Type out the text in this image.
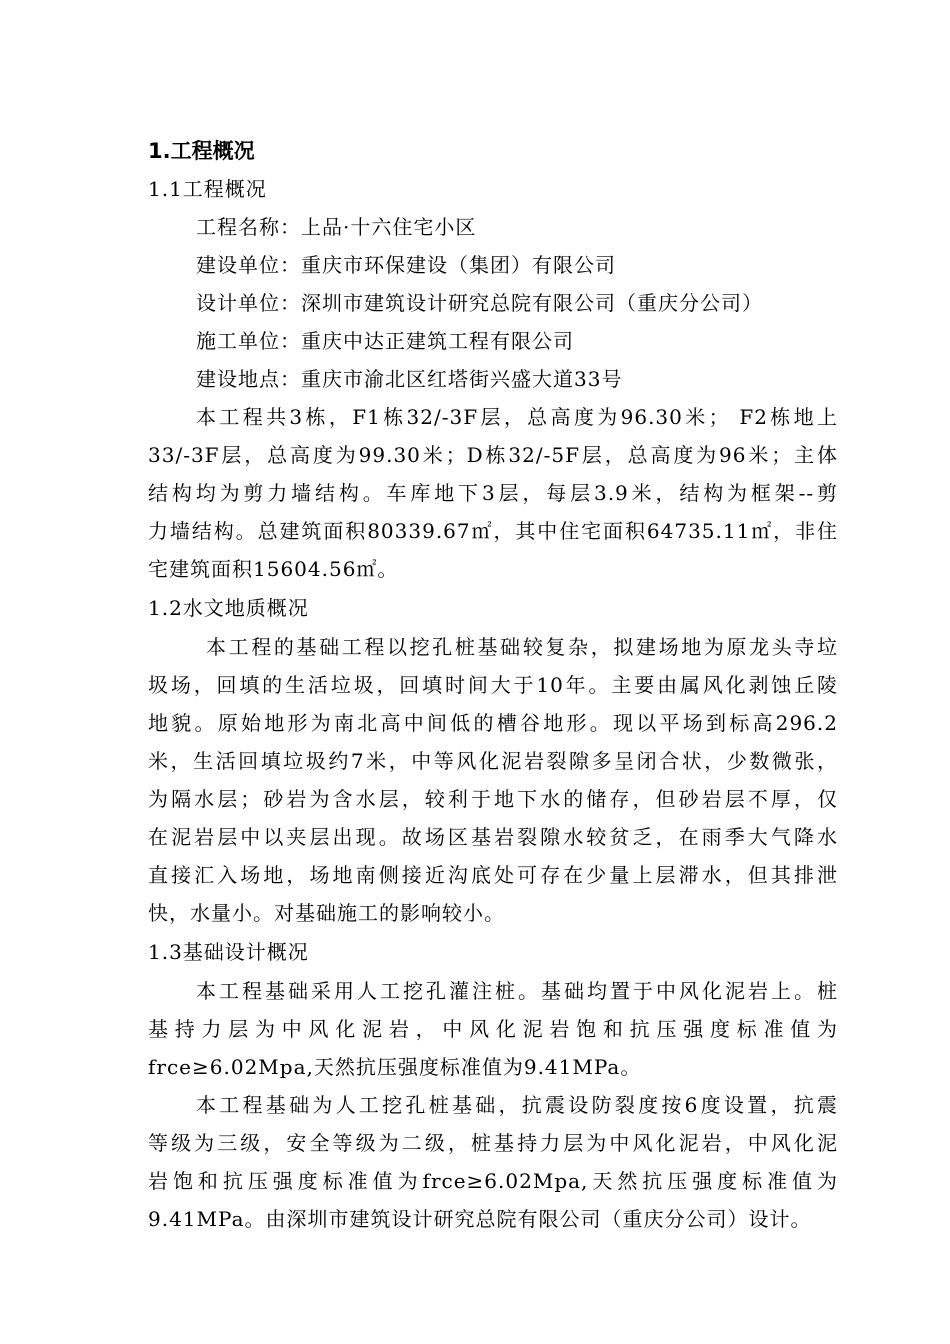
1.工程概况
1.1工程概况
工程名称：上品·十六住宅小区
建设单位：重庆市环保建设（集团）有限公司
设计单位：深圳市建筑设计研究总院有限公司（重庆分公司）
施工单位：重庆中达正建筑工程有限公司
建设地点：重庆市渝北区红塔街兴盛大道33号
本工程共3栋，F1栋32/-3F层，总高度为96.30米； F2栋地上
33/-3F层，总高度为99.30米；D栋32/-5F层，总高度为96米；主体
结构均为剪力墙结构。车库地下3层，每层3.9米，结构为框架--剪
力墙结构。总建筑面积80339.67㎡，其中住宅面积64735.11㎡，非住
宅建筑面积15604.56㎡。
1.2水文地质概况
本工程的基础工程以挖孔桩基础较复杂，拟建场地为原龙头寺垃
圾场，回填的生活垃圾，回填时间大于10年。主要由属风化剥蚀丘陵
地貌。原始地形为南北高中间低的槽谷地形。现以平场到标高296.2
米，生活回填垃圾约7米，中等风化泥岩裂隙多呈闭合状，少数微张，
为隔水层；砂岩为含水层，较利于地下水的储存，但砂岩层不厚，仅
在泥岩层中以夹层出现。故场区基岩裂隙水较贫乏，在雨季大气降水
直接汇入场地，场地南侧接近沟底处可存在少量上层滞水，但其排泄
快，水量小。对基础施工的影响较小。
1.3基础设计概况
本工程基础采用人工挖孔灌注桩。基础均置于中风化泥岩上。桩
基持力层为中风化泥岩，中风化泥岩饱和抗压强度标准值为
frce≥6.02Mpa,天然抗压强度标准值为9.41MPa。
本工程基础为人工挖孔桩基础，抗震设防裂度按6度设置，抗震
等级为三级，安全等级为二级，桩基持力层为中风化泥岩，中风化泥
岩饱和抗压强度标准值为frce≥6.02Mpa,天然抗压强度标准值为
9.41MPa。由深圳市建筑设计研究总院有限公司（重庆分公司）设计。
